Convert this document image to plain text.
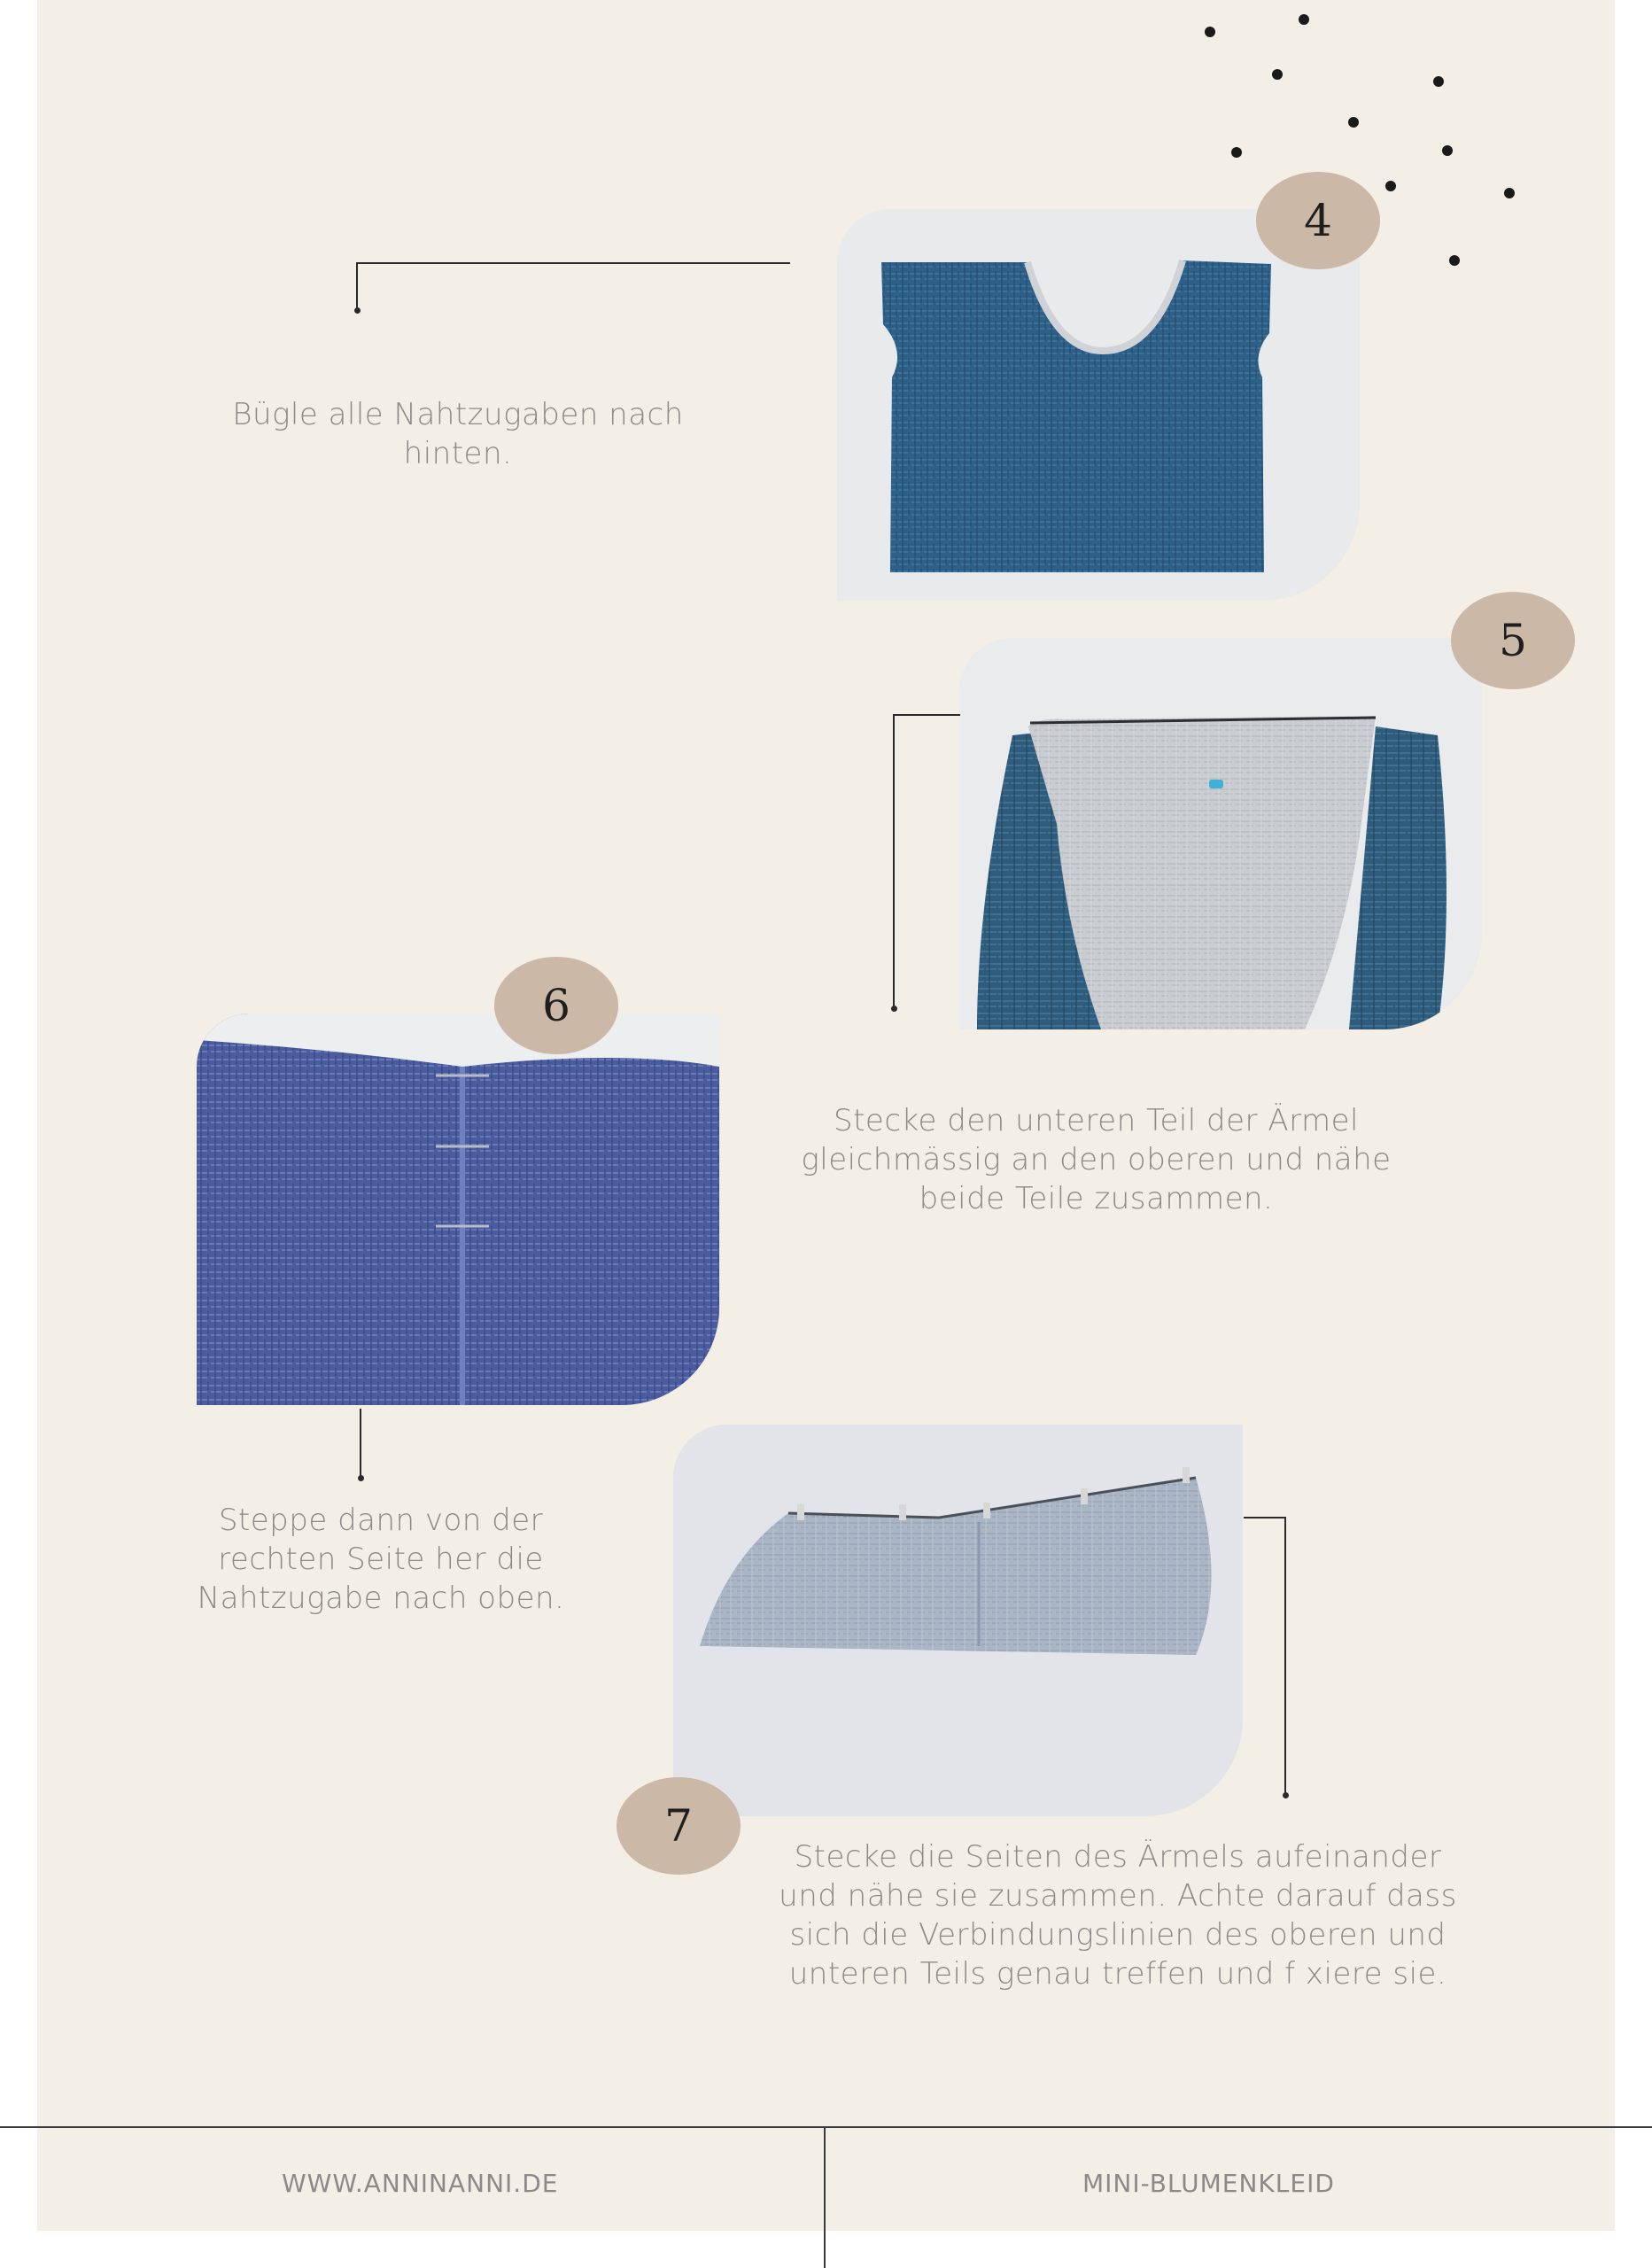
4
Bügle alle Nahtzugaben nach hinten.
5
Stecke den unteren Teil der Ärmel gleichmässig an den oberen und nähe beide Teile zusammen.
6
Steppe dann von der rechten Seite her die Nahtzugabe nach oben.
7
Stecke die Seiten des Ärmels aufeinander und nähe sie zusammen. Achte darauf dass sich die Verbindungslinien des oberen und unteren Teils genau treffen und f xiere sie.
WWW.ANNINANNI.DE	MINI-BLUMENKLEID
